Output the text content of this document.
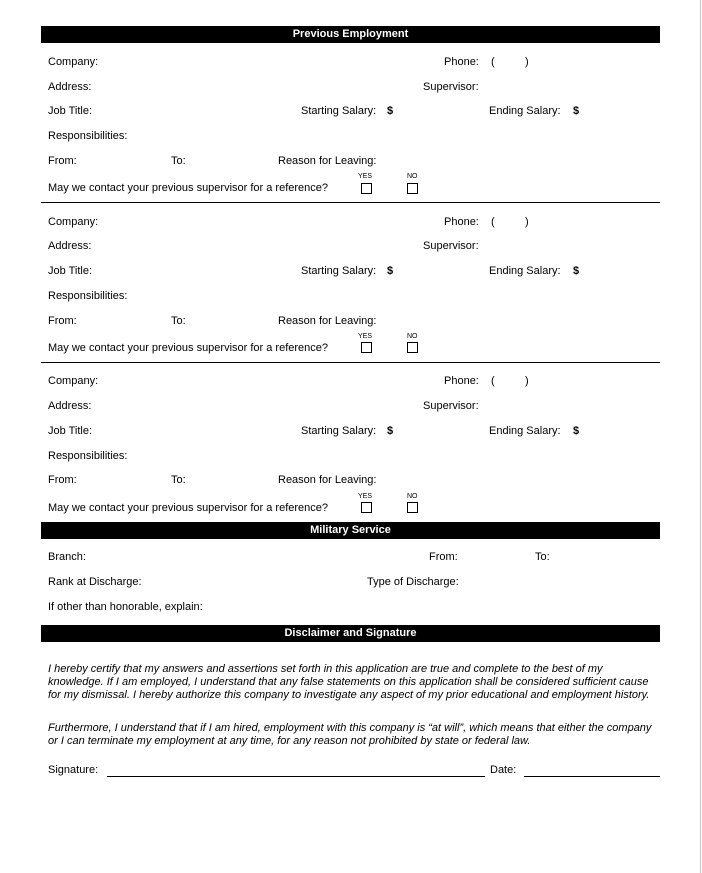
Previous Employment
Company:	Phone: (	)
Address:	Supervisor:
Job Title:	Starting Salary: $	Ending Salary: $
Responsibilities:
From:	To:	Reason for Leaving:
May we contact your previous supervisor for a reference?
YES	NO
Company:	Phone: (	)
Address:	Supervisor:
Job Title:	Starting Salary: $	Ending Salary: $
Responsibilities:
From:	To:	Reason for Leaving:
May we contact your previous supervisor for a reference?
YES	NO
Company:	Phone: (	)
Address:	Supervisor:
Job Title:	Starting Salary: $	Ending Salary: $
Responsibilities:
From:	To:	Reason for Leaving:
May we contact your previous supervisor for a reference?
YES	NO
Military Service
Branch:	From:	To:
Rank at Discharge:	Type of Discharge:
If other than honorable, explain:
Disclaimer and Signature
I hereby certify that my answers and assertions set forth in this application are true and complete to the best of my knowledge. If I am employed, I understand that any false statements on this application shall be considered sufficient cause for my dismissal. I hereby authorize this company to investigate any aspect of my prior educational and employment history.
Furthermore, I understand that if I am hired, employment with this company is “at will”, which means that either the company or I can terminate my employment at any time, for any reason not prohibited by state or federal law.
Signature:	Date:
